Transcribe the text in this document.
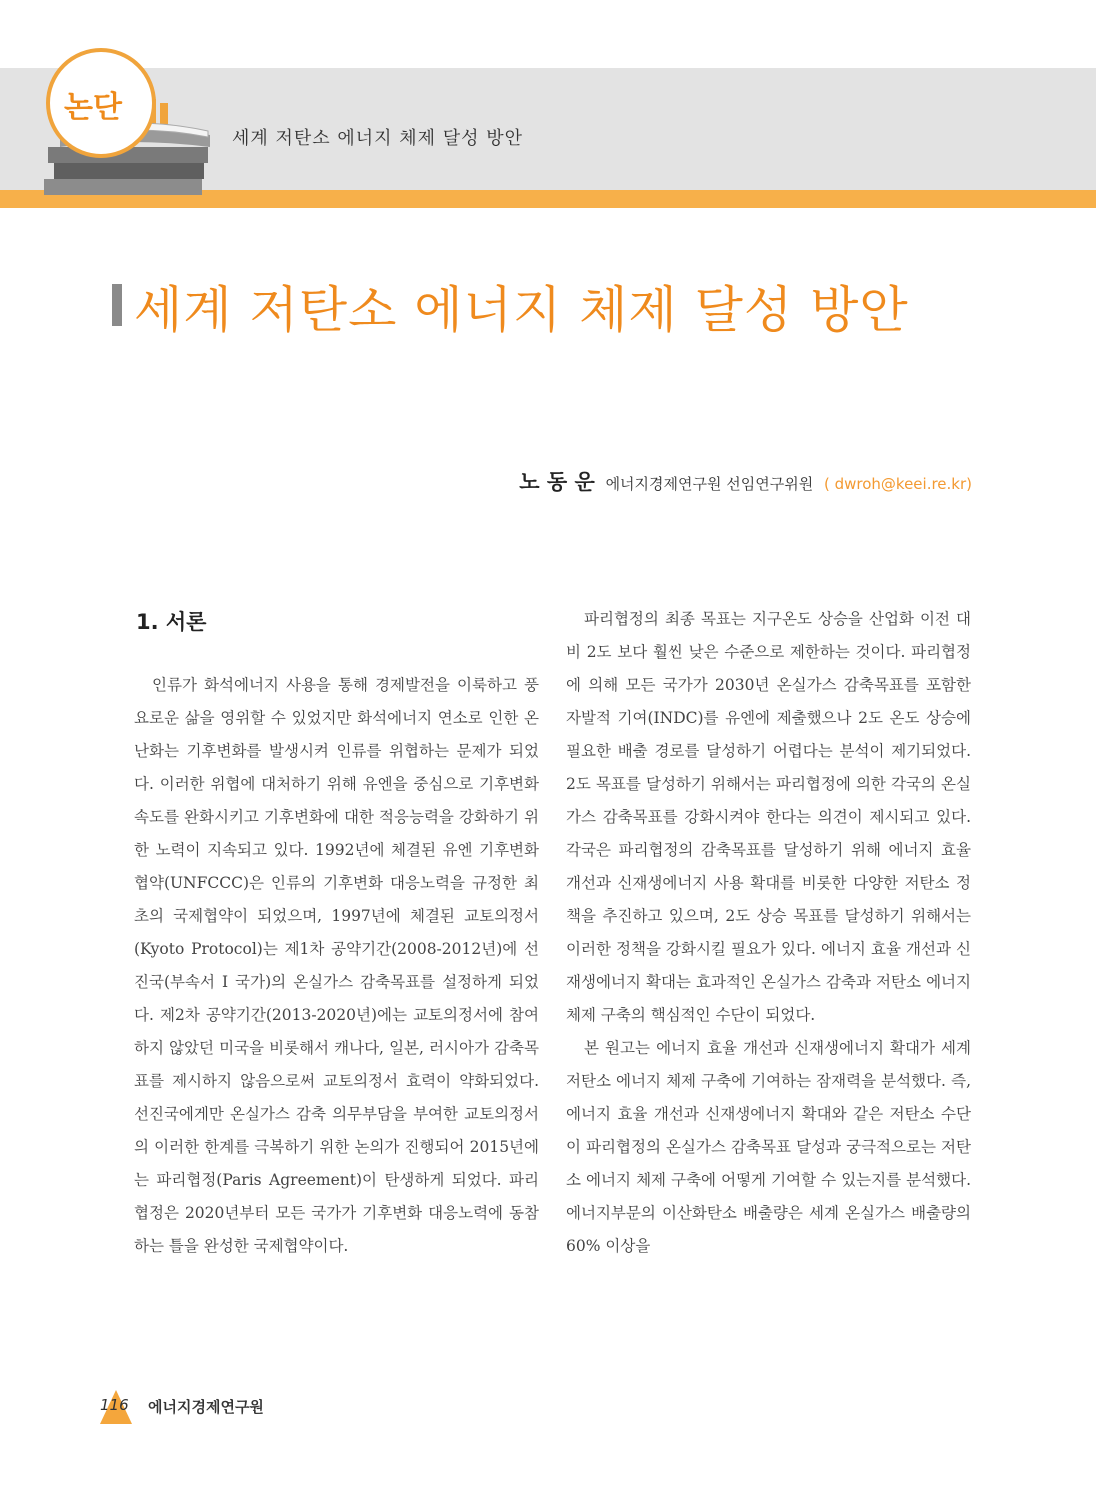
논단
세계 저탄소 에너지 체제 달성 방안
세계 저탄소 에너지 체제 달성 방안
노 동 운 에너지경제연구원 선임연구위원 ( dwroh@keei.re.kr)
1. 서론

인류가 화석에너지 사용을 통해 경제발전을 이룩하고 풍요로운 삶을 영위할 수 있었지만 화석에너지 연소로 인한 온난화는 기후변화를 발생시켜 인류를 위협하는 문제가 되었다. 이러한 위협에 대처하기 위해 유엔을 중심으로 기후변화 속도를 완화시키고 기후변화에 대한 적응능력을 강화하기 위한 노력이 지속되고 있다. 1992년에 체결된 유엔 기후변화협약(UNFCCC)은 인류의 기후변화 대응노력을 규정한 최초의 국제협약이 되었으며, 1997년에 체결된 교토의정서(Kyoto Protocol)는 제1차 공약기간(2008-2012년)에 선진국(부속서 I 국가)의 온실가스 감축목표를 설정하게 되었다. 제2차 공약기간(2013-2020년)에는 교토의정서에 참여하지 않았던 미국을 비롯해서 캐나다, 일본, 러시아가 감축목표를 제시하지 않음으로써 교토의정서 효력이 약화되었다. 선진국에게만 온실가스 감축 의무부담을 부여한 교토의정서의 이러한 한계를 극복하기 위한 논의가 진행되어 2015년에는 파리협정(Paris Agreement)이 탄생하게 되었다. 파리협정은 2020년부터 모든 국가가 기후변화 대응노력에 동참하는 틀을 완성한 국제협약이다.

파리협정의 최종 목표는 지구온도 상승을 산업화 이전 대비 2도 보다 훨씬 낮은 수준으로 제한하는 것이다. 파리협정에 의해 모든 국가가 2030년 온실가스 감축목표를 포함한 자발적 기여(INDC)를 유엔에 제출했으나 2도 온도 상승에 필요한 배출 경로를 달성하기 어렵다는 분석이 제기되었다. 2도 목표를 달성하기 위해서는 파리협정에 의한 각국의 온실가스 감축목표를 강화시켜야 한다는 의견이 제시되고 있다. 각국은 파리협정의 감축목표를 달성하기 위해 에너지 효율 개선과 신재생에너지 사용 확대를 비롯한 다양한 저탄소 정책을 추진하고 있으며, 2도 상승 목표를 달성하기 위해서는 이러한 정책을 강화시킬 필요가 있다. 에너지 효율 개선과 신재생에너지 확대는 효과적인 온실가스 감축과 저탄소 에너지 체제 구축의 핵심적인 수단이 되었다.

본 원고는 에너지 효율 개선과 신재생에너지 확대가 세계 저탄소 에너지 체제 구축에 기여하는 잠재력을 분석했다. 즉, 에너지 효율 개선과 신재생에너지 확대와 같은 저탄소 수단이 파리협정의 온실가스 감축목표 달성과 궁극적으로는 저탄소 에너지 체제 구축에 어떻게 기여할 수 있는지를 분석했다. 에너지부문의 이산화탄소 배출량은 세계 온실가스 배출량의 60% 이상을

116 에너지경제연구원
